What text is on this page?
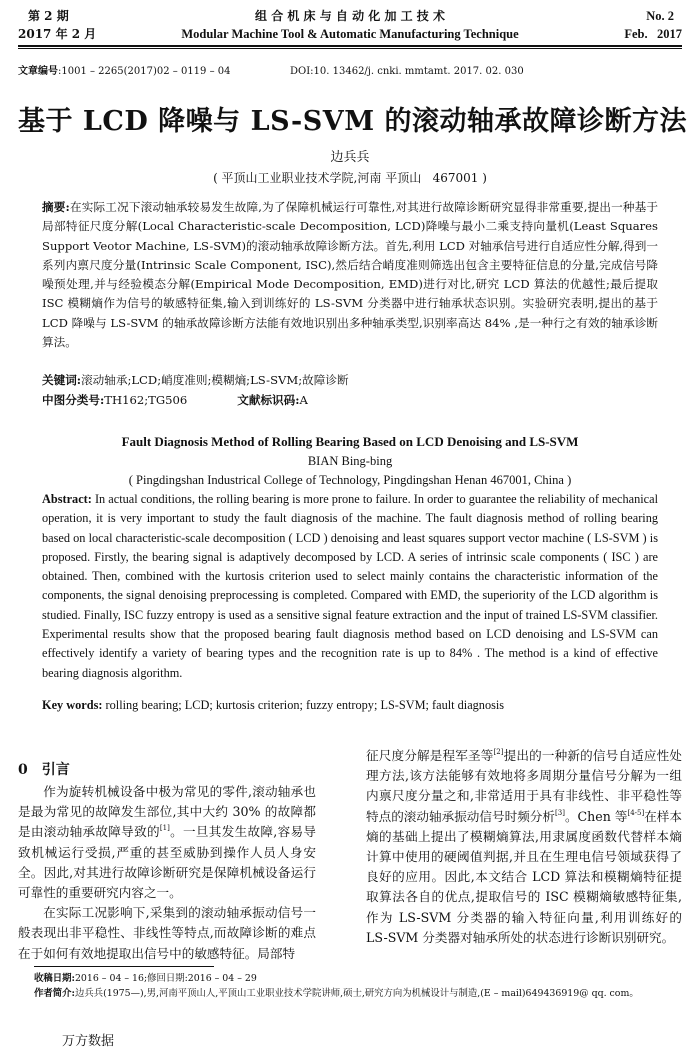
第 2 期
2017 年 2 月
组 合 机 床 与 自 动 化 加 工 技 术
Modular Machine Tool & Automatic Manufacturing Technique
No. 2
Feb.   2017
文章编号:1001 – 2265(2017)02 – 0119 – 04	DOI:10. 13462/j. cnki. mmtamt. 2017. 02. 030
基于 LCD 降噪与 LS-SVM 的滚动轴承故障诊断方法
边兵兵
( 平顶山工业职业技术学院,河南 平顶山   467001 )
摘要:在实际工况下滚动轴承较易发生故障,为了保障机械运行可靠性,对其进行故障诊断研究显得非常重要,提出一种基于局部特征尺度分解(Local Characteristic-scale Decomposition, LCD)降噪与最小二乘支持向量机(Least Squares Support Veotor Machine, LS-SVM)的滚动轴承故障诊断方法。首先,利用 LCD 对轴承信号进行自适应性分解,得到一系列内禀尺度分量(Intrinsic Scale Component, ISC),然后结合峭度准则筛选出包含主要特征信息的分量,完成信号降噪预处理,并与经验模态分解(Empirical Mode Decomposition, EMD)进行对比,研究 LCD 算法的优越性;最后提取 ISC 模糊熵作为信号的敏感特征集,输入到训练好的 LS-SVM 分类器中进行轴承状态识别。实验研究表明,提出的基于 LCD 降噪与 LS-SVM 的轴承故障诊断方法能有效地识别出多种轴承类型,识别率高达 84% ,是一种行之有效的轴承诊断算法。
关键词:滚动轴承;LCD;峭度准则;模糊熵;LS-SVM;故障诊断
中图分类号:TH162;TG506	文献标识码:A
Fault Diagnosis Method of Rolling Bearing Based on LCD Denoising and LS-SVM
BIAN Bing-bing
( Pingdingshan Industrical College of Technology, Pingdingshan Henan 467001, China )
Abstract: In actual conditions, the rolling bearing is more prone to failure. In order to guarantee the reliability of mechanical operation, it is very important to study the fault diagnosis of the machine. The fault diagnosis method of rolling bearing based on local characteristic-scale decomposition ( LCD ) denoising and least squares support vector machine ( LS-SVM ) is proposed. Firstly, the bearing signal is adaptively decomposed by LCD. A series of intrinsic scale components ( ISC ) are obtained. Then, combined with the kurtosis criterion used to select mainly contains the characteristic information of the components, the signal denoising preprocessing is completed. Compared with EMD, the superiority of the LCD algorithm is studied. Finally, ISC fuzzy entropy is used as a sensitive signal feature extraction and the input of trained LS-SVM classifier. Experimental results show that the proposed bearing fault diagnosis method based on LCD denoising and LS-SVM can effectively identify a variety of bearing types and the recognition rate is up to 84% . The method is a kind of effective bearing diagnosis algorithm.
Key words: rolling bearing; LCD; kurtosis criterion; fuzzy entropy; LS-SVM; fault diagnosis
0 引言

作为旋转机械设备中极为常见的零件,滚动轴承也是最为常见的故障发生部位,其中大约 30% 的故障都是由滚动轴承故障导致的[1]。一旦其发生故障,容易导致机械运行受损,严重的甚至威胁到操作人员人身安全。因此,对其进行故障诊断研究是保障机械设备运行可靠性的重要研究内容之一。

在实际工况影响下,采集到的滚动轴承振动信号一般表现出非平稳性、非线性等特点,而故障诊断的难点在于如何有效地提取出信号中的敏感特征。局部特

征尺度分解是程军圣等[2]提出的一种新的信号自适应性处理方法,该方法能够有效地将多周期分量信号分解为一组内禀尺度分量之和,非常适用于具有非线性、非平稳性等特点的滚动轴承振动信号时频分析[3]。Chen 等[4-5]在样本熵的基础上提出了模糊熵算法,用隶属度函数代替样本熵计算中使用的硬阈值判据,并且在生理电信号领域获得了良好的应用。因此,本文结合 LCD 算法和模糊熵特征提取算法各自的优点,提取信号的 ISC 模糊熵敏感特征集,作为 LS-SVM 分类器的输入特征向量,利用训练好的 LS-SVM 分类器对轴承所处的状态进行诊断识别研究。

收稿日期:2016 – 04 – 16;修回日期:2016 – 04 – 29
作者简介:边兵兵(1975—),男,河南平顶山人,平顶山工业职业技术学院讲师,硕士,研究方向为机械设计与制造,(E – mail)649436919@ qq. com。
万方数据
